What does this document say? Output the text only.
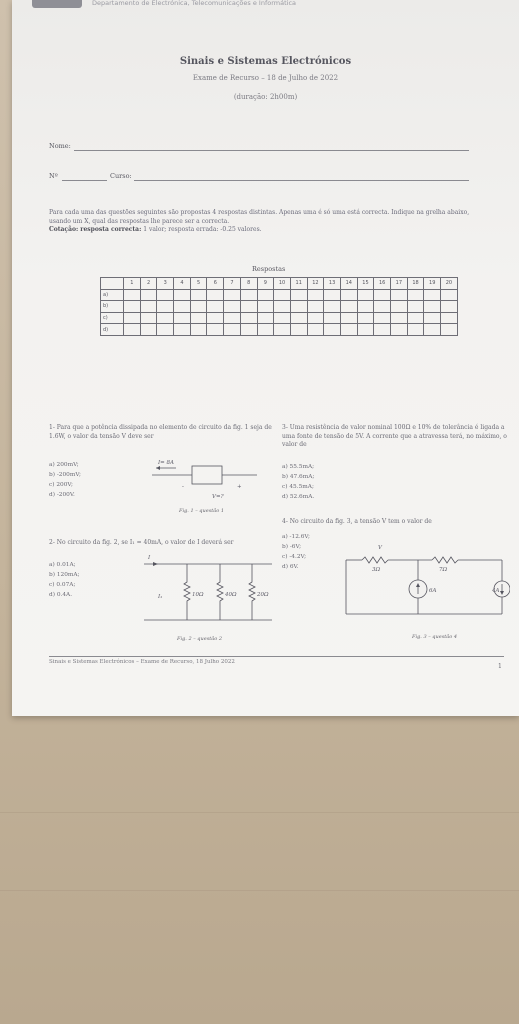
Departamento de Electrónica, Telecomunicações e Informática
Sinais e Sistemas Electrónicos
Exame de Recurso – 18 de Julho de 2022
(duração: 2h00m)
Nome:
Nº	Curso:
Para cada uma das questões seguintes são propostas 4 respostas distintas. Apenas uma é só uma está correcta. Indique na grelha abaixo, usando um X, qual das respostas lhe parece ser a correcta.
Cotação: resposta correcta: 1 valor; resposta errada: -0.25 valores.
Respostas
	1	2	3	4	5	6	7	8	9	10	11	12	13	14	15	16	17	18	19	20
a)																				
b)																				
c)																				
d)																				
1- Para que a potência dissipada no elemento de circuito da fig. 1 seja de 1.6W, o valor da tensão V deve ser
a) 200mV;
b) -200mV;
c) 200V;
d) -200V.
I= 8A
-	+
V=?
Fig. 1 – questão 1
2- No circuito da fig. 2, se I₁ = 40mA, o valor de I deverá ser
a) 0.01A;
b) 120mA;
c) 0.07A;
d) 0.4A.
I
I₁	10Ω	40Ω	20Ω
Fig. 2 – questão 2
3- Uma resistência de valor nominal 100Ω e 10% de tolerância é ligada a uma fonte de tensão de 5V. A corrente que a atravessa terá, no máximo, o valor de
a) 55.5mA;
b) 47.6mA;
c) 45.5mA;
d) 52.6mA.
4- No circuito da fig. 3, a tensão V tem o valor de
a) -12.6V;
b) -6V;
c) -4.2V;
d) 6V.
V
3Ω	7Ω
6A	4A
Fig. 3 – questão 4
Sinais e Sistemas Electrónicos – Exame de Recurso, 18 Julho 2022
1
